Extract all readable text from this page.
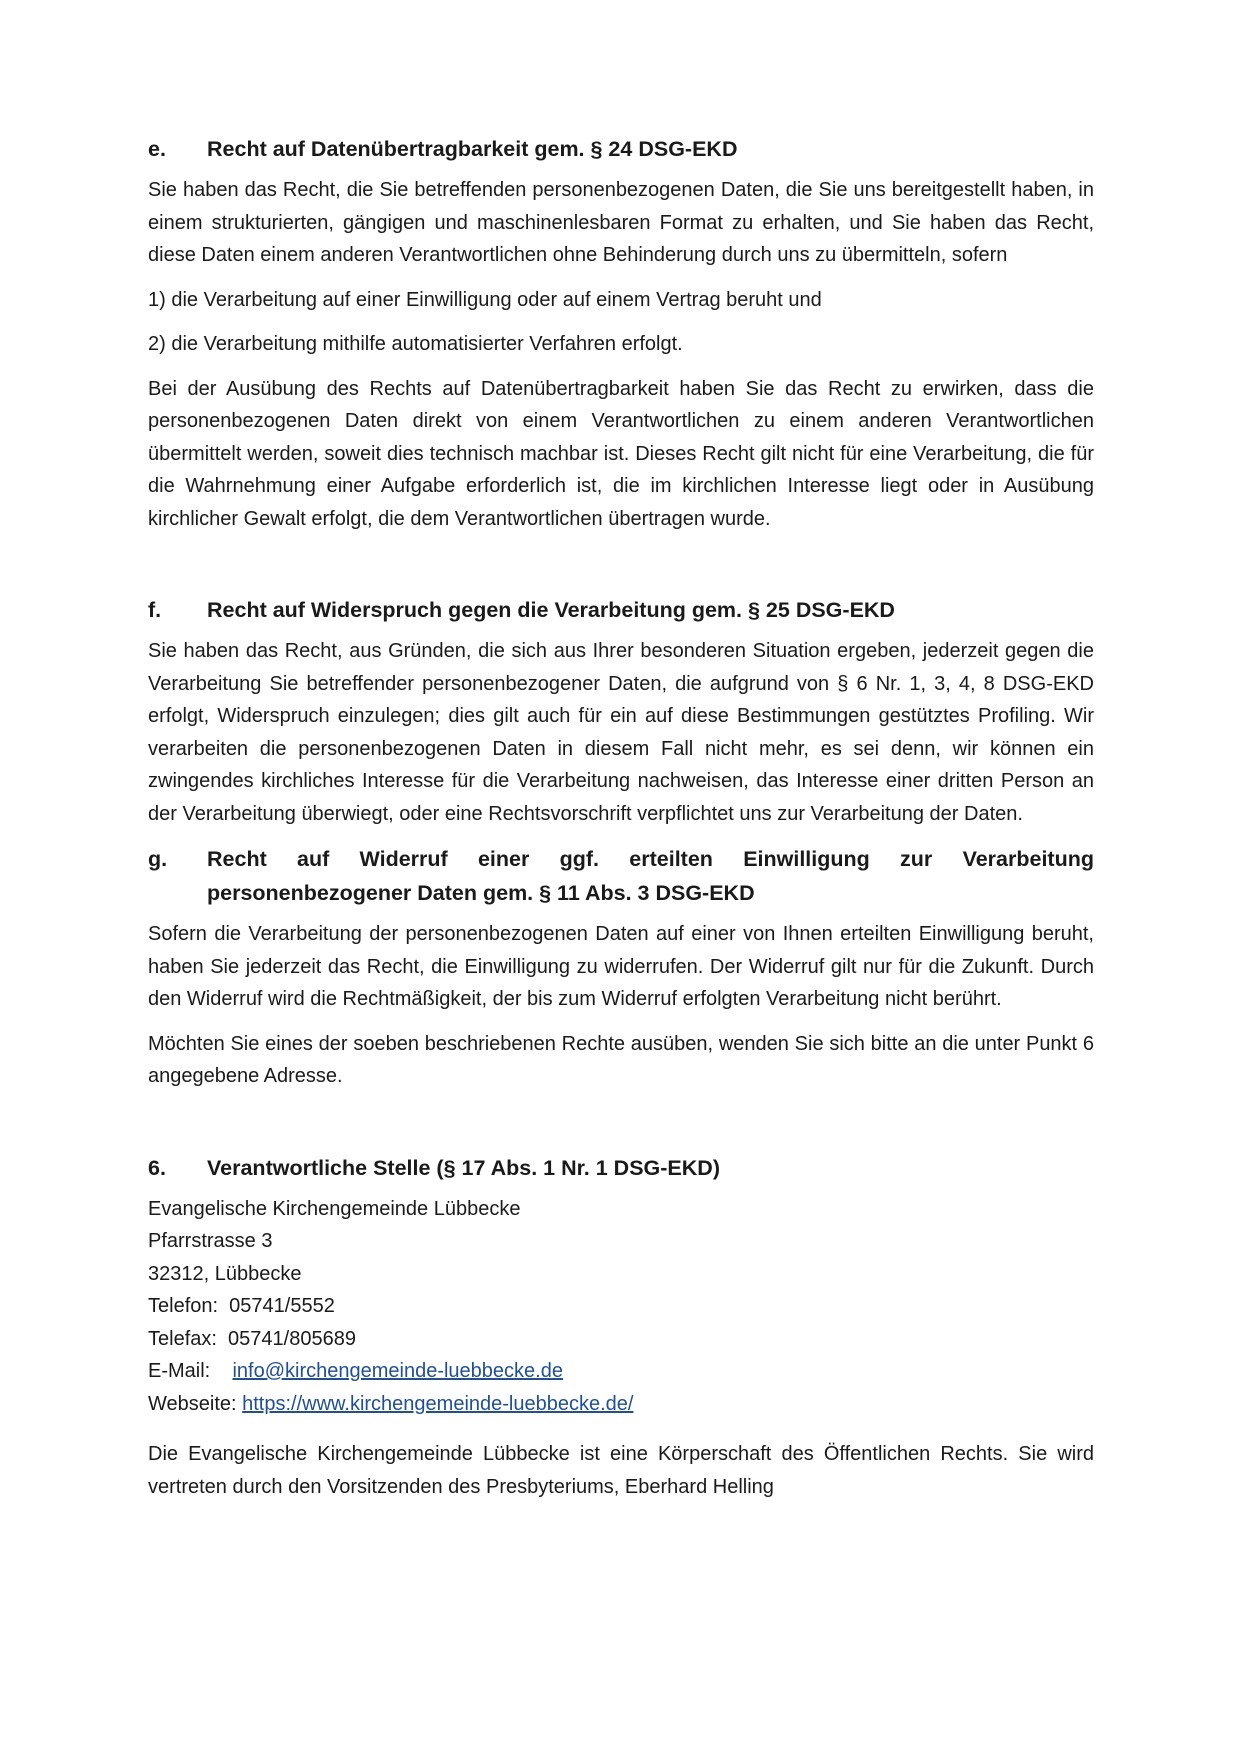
e.	Recht auf Datenübertragbarkeit gem. § 24 DSG-EKD

Sie haben das Recht, die Sie betreffenden personenbezogenen Daten, die Sie uns bereitgestellt haben, in einem strukturierten, gängigen und maschinenlesbaren Format zu erhalten, und Sie haben das Recht, diese Daten einem anderen Verantwortlichen ohne Behinderung durch uns zu übermitteln, sofern

1) die Verarbeitung auf einer Einwilligung oder auf einem Vertrag beruht und

2) die Verarbeitung mithilfe automatisierter Verfahren erfolgt.

Bei der Ausübung des Rechts auf Datenübertragbarkeit haben Sie das Recht zu erwirken, dass die personenbezogenen Daten direkt von einem Verantwortlichen zu einem anderen Verantwortlichen übermittelt werden, soweit dies technisch machbar ist. Dieses Recht gilt nicht für eine Verarbeitung, die für die Wahrnehmung einer Aufgabe erforderlich ist, die im kirchlichen Interesse liegt oder in Ausübung kirchlicher Gewalt erfolgt, die dem Verantwortlichen übertragen wurde.

f.	Recht auf Widerspruch gegen die Verarbeitung gem. § 25 DSG-EKD

Sie haben das Recht, aus Gründen, die sich aus Ihrer besonderen Situation ergeben, jederzeit gegen die Verarbeitung Sie betreffender personenbezogener Daten, die aufgrund von § 6 Nr. 1, 3, 4, 8 DSG-EKD erfolgt, Widerspruch einzulegen; dies gilt auch für ein auf diese Bestimmungen gestütztes Profiling. Wir verarbeiten die personenbezogenen Daten in diesem Fall nicht mehr, es sei denn, wir können ein zwingendes kirchliches Interesse für die Verarbeitung nachweisen, das Interesse einer dritten Person an der Verarbeitung überwiegt, oder eine Rechtsvorschrift verpflichtet uns zur Verarbeitung der Daten.

g.	Recht auf Widerruf einer ggf. erteilten Einwilligung zur Verarbeitung personenbezogener Daten gem. § 11 Abs. 3 DSG-EKD

Sofern die Verarbeitung der personenbezogenen Daten auf einer von Ihnen erteilten Einwilligung beruht, haben Sie jederzeit das Recht, die Einwilligung zu widerrufen. Der Widerruf gilt nur für die Zukunft. Durch den Widerruf wird die Rechtmäßigkeit, der bis zum Widerruf erfolgten Verarbeitung nicht berührt.

Möchten Sie eines der soeben beschriebenen Rechte ausüben, wenden Sie sich bitte an die unter Punkt 6 angegebene Adresse.

6.	Verantwortliche Stelle (§ 17 Abs. 1 Nr. 1 DSG-EKD)
Evangelische Kirchengemeinde Lübbecke
Pfarrstrasse 3
32312, Lübbecke
Telefon:  05741/5552
Telefax:  05741/805689
E-Mail:    info@kirchengemeinde-luebbecke.de
Webseite: https://www.kirchengemeinde-luebbecke.de/

Die Evangelische Kirchengemeinde Lübbecke ist eine Körperschaft des Öffentlichen Rechts. Sie wird vertreten durch den Vorsitzenden des Presbyteriums, Eberhard Helling
